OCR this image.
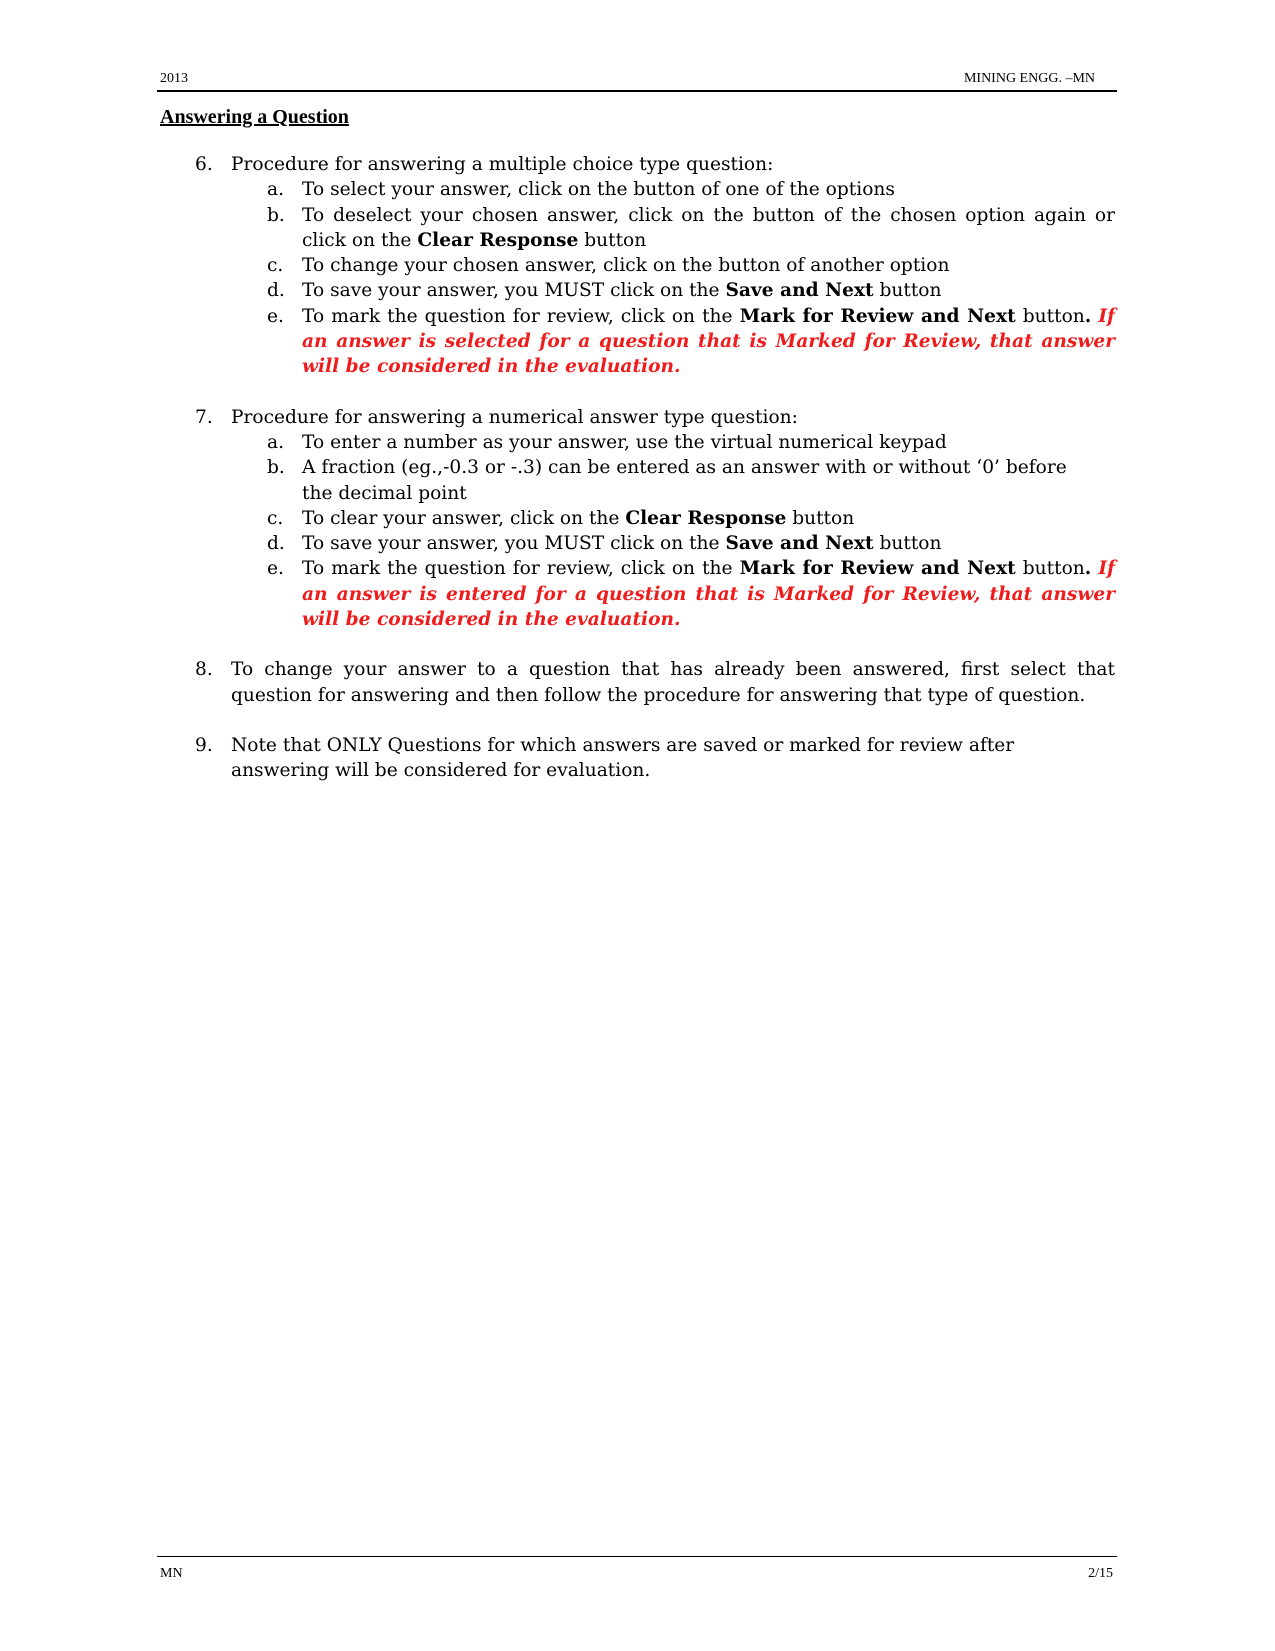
2013	MINING ENGG. –MN
Answering a Question
6. Procedure for answering a multiple choice type question:
a. To select your answer, click on the button of one of the options
b. To deselect your chosen answer, click on the button of the chosen option again or click on the Clear Response button
c. To change your chosen answer, click on the button of another option
d. To save your answer, you MUST click on the Save and Next button
e. To mark the question for review, click on the Mark for Review and Next button. If an answer is selected for a question that is Marked for Review, that answer will be considered in the evaluation.
7. Procedure for answering a numerical answer type question:
a. To enter a number as your answer, use the virtual numerical keypad
b. A fraction (eg.,-0.3 or -.3) can be entered as an answer with or without ‘0’ before the decimal point
c. To clear your answer, click on the Clear Response button
d. To save your answer, you MUST click on the Save and Next button
e. To mark the question for review, click on the Mark for Review and Next button. If an answer is entered for a question that is Marked for Review, that answer will be considered in the evaluation.
8. To change your answer to a question that has already been answered, first select that question for answering and then follow the procedure for answering that type of question.
9. Note that ONLY Questions for which answers are saved or marked for review after answering will be considered for evaluation.
MN	2/15
